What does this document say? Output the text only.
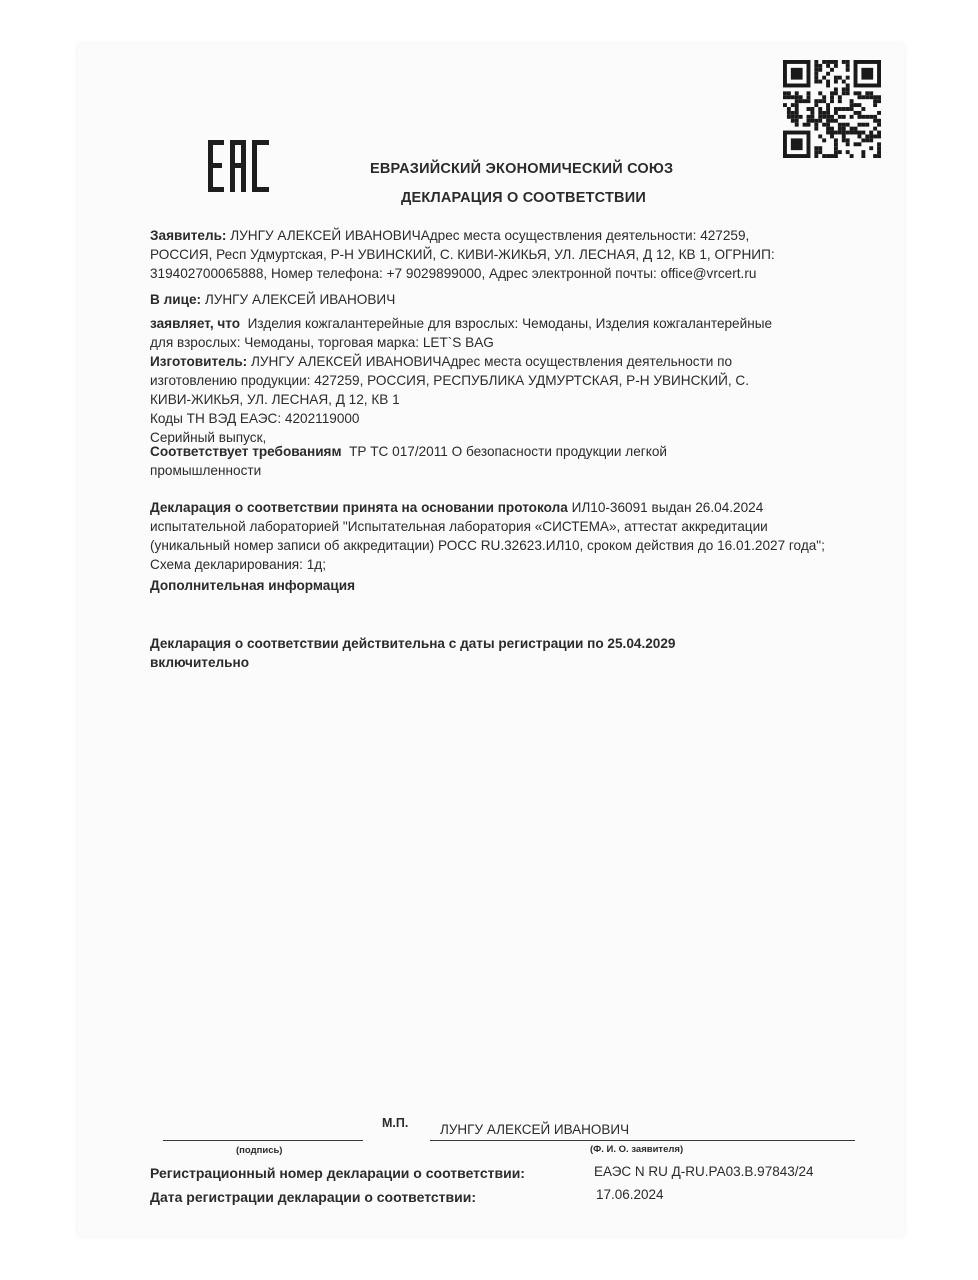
EAC
ЕВРАЗИЙСКИЙ ЭКОНОМИЧЕСКИЙ СОЮЗ
ДЕКЛАРАЦИЯ О СООТВЕТСТВИИ
Заявитель: ЛУНГУ АЛЕКСЕЙ ИВАНОВИЧАдрес места осуществления деятельности: 427259,
РОССИЯ, Респ Удмуртская, Р-Н УВИНСКИЙ, С. КИВИ-ЖИКЬЯ, УЛ. ЛЕСНАЯ, Д 12, КВ 1, ОГРНИП:
319402700065888, Номер телефона: +7 9029899000, Адрес электронной почты: office@vrcert.ru
В лице: ЛУНГУ АЛЕКСЕЙ ИВАНОВИЧ
заявляет, что Изделия кожгалантерейные для взрослых: Чемоданы, Изделия кожгалантерейные
для взрослых: Чемоданы, торговая марка: LET`S BAG
Изготовитель: ЛУНГУ АЛЕКСЕЙ ИВАНОВИЧАдрес места осуществления деятельности по
изготовлению продукции: 427259, РОССИЯ, РЕСПУБЛИКА УДМУРТСКАЯ, Р-Н УВИНСКИЙ, С.
КИВИ-ЖИКЬЯ, УЛ. ЛЕСНАЯ, Д 12, КВ 1
Коды ТН ВЭД ЕАЭС: 4202119000
Серийный выпуск,
Соответствует требованиям ТР ТС 017/2011 О безопасности продукции легкой
промышленности
Декларация о соответствии принята на основании протокола ИЛ10-36091 выдан 26.04.2024
испытательной лабораторией "Испытательная лаборатория «СИСТЕМА», аттестат аккредитации
(уникальный номер записи об аккредитации) РОСС RU.32623.ИЛ10, сроком действия до 16.01.2027 года";
Схема декларирования: 1д;
Дополнительная информация
Декларация о соответствии действительна с даты регистрации по 25.04.2029
включительно
М.П. ЛУНГУ АЛЕКСЕЙ ИВАНОВИЧ
(подпись)	(Ф. И. О. заявителя)
Регистрационный номер декларации о соответствии:	ЕАЭС N RU Д-RU.РА03.В.97843/24
Дата регистрации декларации о соответствии:	17.06.2024
